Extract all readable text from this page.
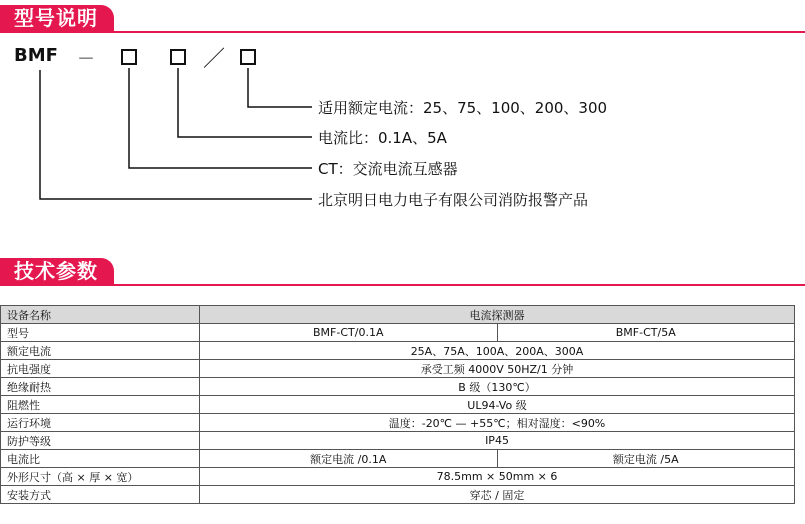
型号说明
BMF －	／
适用额定电流：25、75、100、200、300
电流比：0.1A、5A
CT：交流电流互感器
北京明日电力电子有限公司消防报警产品
技术参数
设备名称	电流探测器	
型号	BMF-CT/0.1A	BMF-CT/5A
额定电流	25A、75A、100A、200A、300A	
抗电强度	承受工频 4000V 50HZ/1 分钟	
绝缘耐热	B 级（130℃）	
阻燃性	UL94-Vo 级	
运行环境	温度：-20℃ — +55℃；相对湿度：<90%	
防护等级	IP45	
电流比	额定电流 /0.1A	额定电流 /5A
外形尺寸（高 × 厚 × 宽）	78.5mm × 50mm × 6	
安装方式	穿芯 / 固定	
